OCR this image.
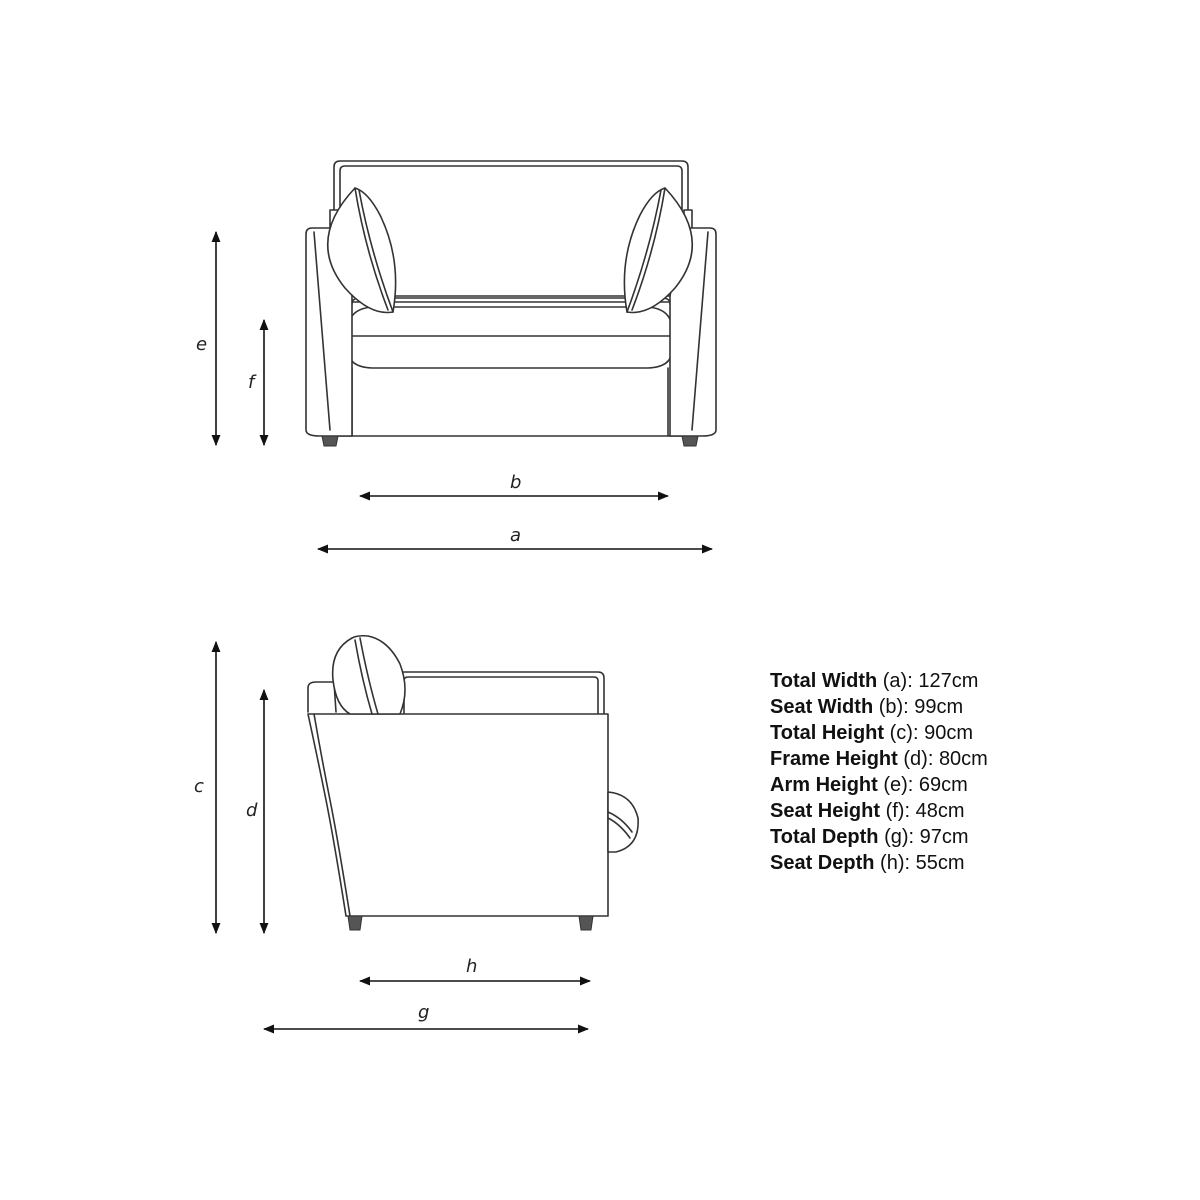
e
f
b
a
c
d
h
g
Total Width (a): 127cm
Seat Width (b): 99cm
Total Height (c): 90cm
Frame Height (d): 80cm
Arm Height (e): 69cm
Seat Height (f): 48cm
Total Depth (g): 97cm
Seat Depth (h): 55cm
